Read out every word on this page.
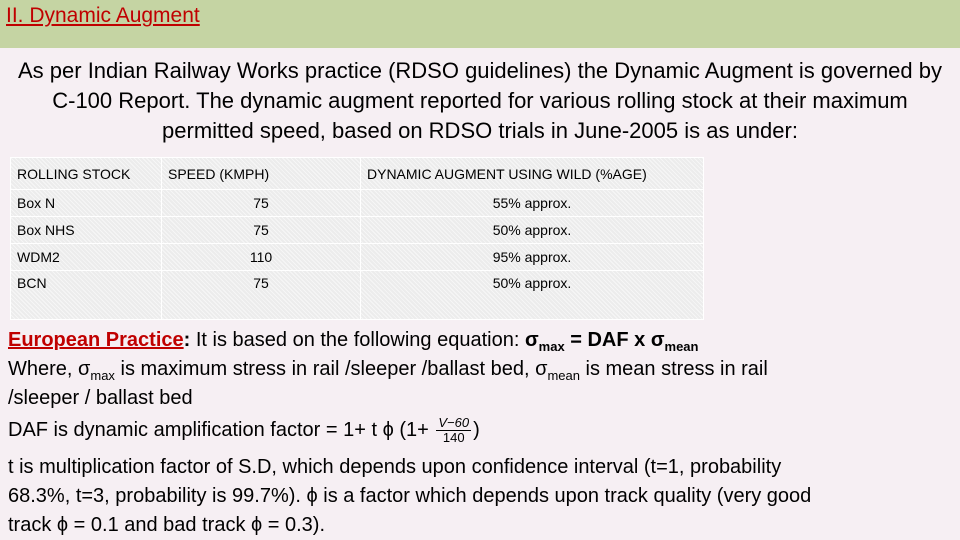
II. Dynamic Augment
As per Indian Railway Works practice (RDSO guidelines) the Dynamic Augment is governed by C-100 Report. The dynamic augment reported for various rolling stock at their maximum permitted speed, based on RDSO trials in June-2005 is as under:
ROLLING STOCK	SPEED (KMPH)	DYNAMIC AUGMENT USING WILD (%AGE)
Box N	75	55% approx.
Box NHS	75	50% approx.
WDM2	110	95% approx.
BCN	75	50% approx.
European Practice: It is based on the following equation: $\sigma_{max}$ = DAF x $\sigma_{mean}$
Where, $\sigma_{max}$ is maximum stress in rail /sleeper /ballast bed, $\sigma_{mean}$ is mean stress in rail
/sleeper / ballast bed
DAF is dynamic amplification factor = 1+ t ϕ ($1+ \frac{V-60}{140}$ )
t is multiplication factor of S.D, which depends upon confidence interval (t=1, probability
68.3%, t=3, probability is 99.7%). ϕ is a factor which depends upon track quality (very good
track ϕ = 0.1 and bad track ϕ = 0.3).
